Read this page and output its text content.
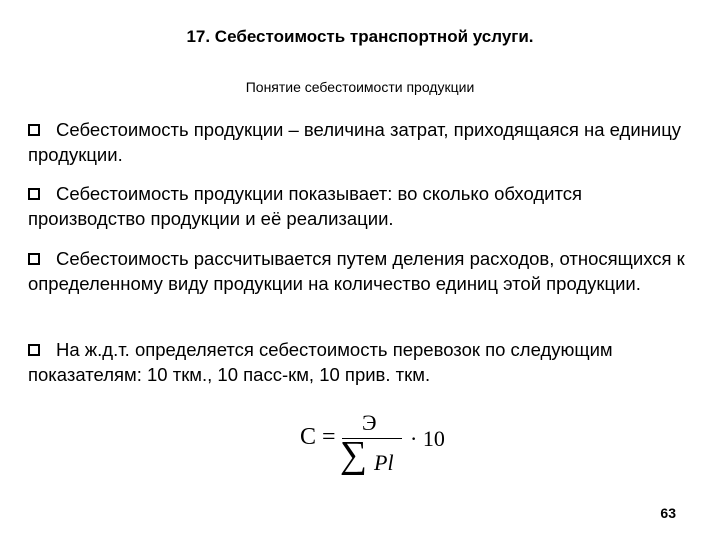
17. Себестоимость транспортной услуги.
Понятие себестоимости продукции
Себестоимость продукции – величина затрат, приходящаяся на единицу продукции.
Себестоимость продукции показывает: во сколько обходится производство продукции и её реализации.
Себестоимость рассчитывается путем деления расходов, относящихся к определенному виду продукции на количество единиц этой продукции.
На ж.д.т. определяется себестоимость перевозок по следующим показателям: 10 ткм., 10 пасс-км, 10 прив. ткм.
С =
Э
∑ Pl
· 10
63
